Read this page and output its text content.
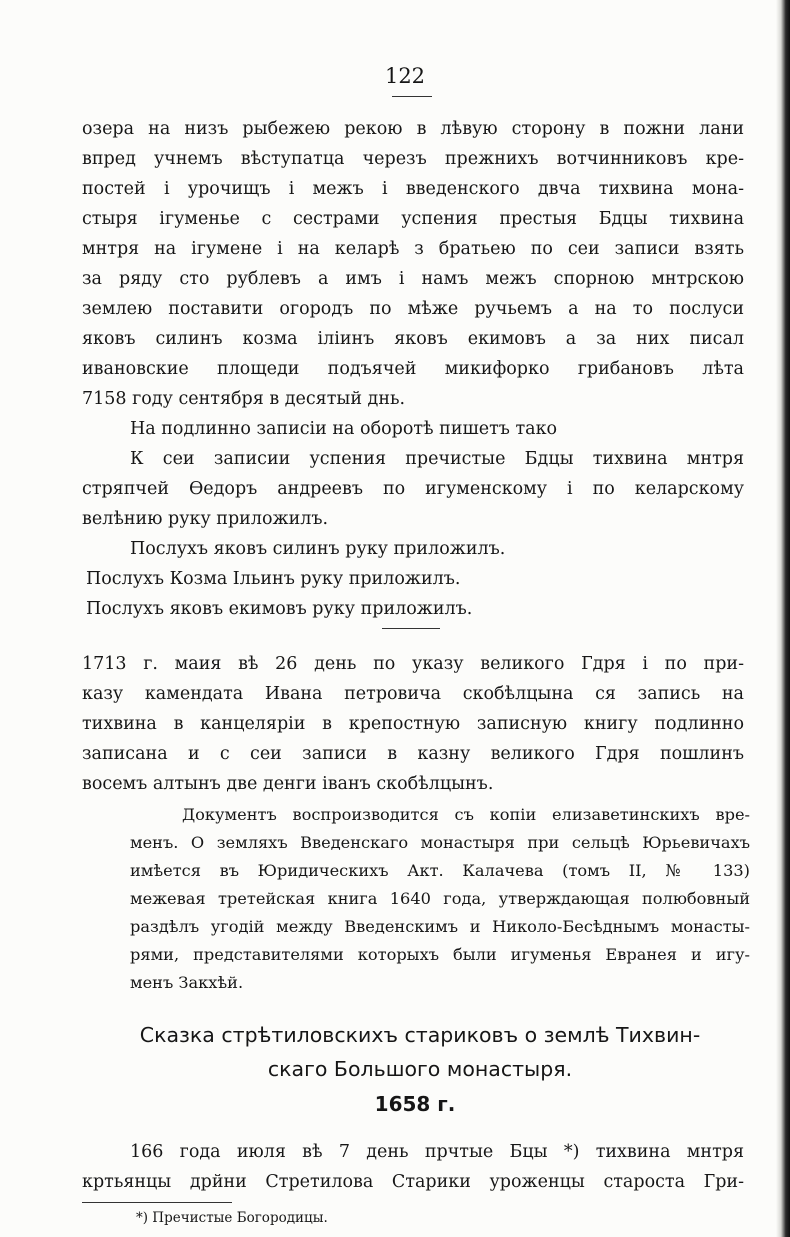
122
озера на низъ рыбежею рекою в лѣвую сторону в пожни лани
впред учнемъ вѣступатца черезъ прежнихъ вотчинниковъ кре-
постей і урочищъ і межъ і введенского двча тихвина мона-
стыря ігуменье с сестрами успения престыя Бдцы тихвина
мнтря на ігумене і на келарѣ з братьею по сеи записи взять
за ряду сто рублевъ а имъ і намъ межъ спорною мнтрскою
землею поставити огородъ по мѣже ручьемъ а на то послуси
яковъ силинъ козма іліинъ яковъ екимовъ а за них писал
ивановские площеди подъячей микифорко грибановъ лѣта
7158 году сентября в десятый днь.
На подлинно записіи на оборотѣ пишетъ тако
К сеи записии успения пречистые Бдцы тихвина мнтря
стряпчей Ѳедоръ андреевъ по игуменскому і по келарскому
велѣнию руку приложилъ.
Послухъ яковъ силинъ руку приложилъ.
Послухъ Козма Ільинъ руку приложилъ.
Послухъ яковъ екимовъ руку приложилъ.
1713 г. маия вѣ 26 день по указу великого Гдря і по при-
казу камендата Ивана петровича скобѣлцына ся запись на
тихвина в канцеляріи в крепостную записную книгу подлинно
записана и с сеи записи в казну великого Гдря пошлинъ
восемъ алтынъ две денги іванъ скобѣлцынъ.
Документъ воспроизводится съ копіи елизаветинскихъ вре-
менъ. О земляхъ Введенскаго монастыря при сельцѣ Юрьевичахъ
имѣется въ Юридическихъ Акт. Калачева (томъ II, № 133)
межевая третейская книга 1640 года, утверждающая полюбовный
раздѣлъ угодій между Введенскимъ и Николо-Бесѣднымъ монасты-
рями, представителями которыхъ были игуменья Евранея и игу-
менъ Закхѣй.
Сказка стрѣтиловскихъ стариковъ о землѣ Тихвин-
скаго Большого монастыря.
1658 г.
166 года июля вѣ 7 день прчтые Бцы *) тихвина мнтря
кртьянцы дрйни Стретилова Старики уроженцы староста Гри-
*) Пречистые Богородицы.
